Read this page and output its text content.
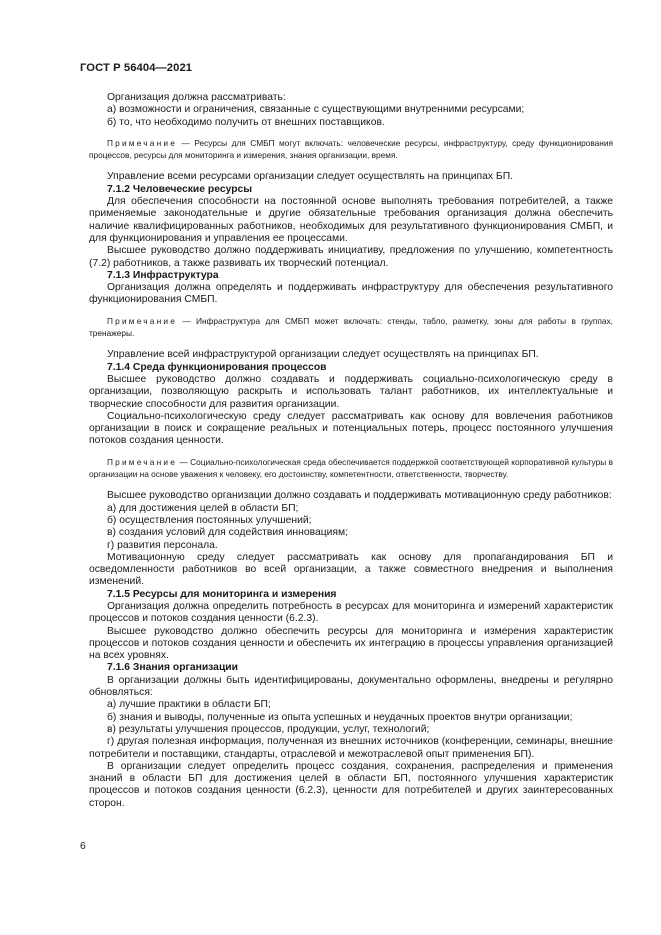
ГОСТ Р 56404—2021

Организация должна рассматривать:

а) возможности и ограничения, связанные с существующими внутренними ресурсами;

б) то, что необходимо получить от внешних поставщиков.

Примечание — Ресурсы для СМБП могут включать: человеческие ресурсы, инфраструктуру, среду функционирования процессов, ресурсы для мониторинга и измерения, знания организации, время.

Управление всеми ресурсами организации следует осуществлять на принципах БП.

7.1.2 Человеческие ресурсы

Для обеспечения способности на постоянной основе выполнять требования потребителей, а также применяемые законодательные и другие обязательные требования организация должна обеспечить наличие квалифицированных работников, необходимых для результативного функционирования СМБП, и для функционирования и управления ее процессами.

Высшее руководство должно поддерживать инициативу, предложения по улучшению, компетентность (7.2) работников, а также развивать их творческий потенциал.

7.1.3 Инфраструктура

Организация должна определять и поддерживать инфраструктуру для обеспечения результативного функционирования СМБП.

Примечание — Инфраструктура для СМБП может включать: стенды, табло, разметку, зоны для работы в группах, тренажеры.

Управление всей инфраструктурой организации следует осуществлять на принципах БП.

7.1.4 Среда функционирования процессов

Высшее руководство должно создавать и поддерживать социально-психологическую среду в организации, позволяющую раскрыть и использовать талант работников, их интеллектуальные и творческие способности для развития организации.

Социально-психологическую среду следует рассматривать как основу для вовлечения работников организации в поиск и сокращение реальных и потенциальных потерь, процесс постоянного улучшения потоков создания ценности.

Примечание — Социально-психологическая среда обеспечивается поддержкой соответствующей корпоративной культуры в организации на основе уважения к человеку, его достоинству, компетентности, ответственности, творчеству.

Высшее руководство организации должно создавать и поддерживать мотивационную среду работников:

а) для достижения целей в области БП;

б) осуществления постоянных улучшений;

в) создания условий для содействия инновациям;

г) развития персонала.

Мотивационную среду следует рассматривать как основу для пропагандирования БП и осведомленности работников во всей организации, а также совместного внедрения и выполнения изменений.

7.1.5 Ресурсы для мониторинга и измерения

Организация должна определить потребность в ресурсах для мониторинга и измерений характеристик процессов и потоков создания ценности (6.2.3).

Высшее руководство должно обеспечить ресурсы для мониторинга и измерения характеристик процессов и потоков создания ценности и обеспечить их интеграцию в процессы управления организацией на всех уровнях.

7.1.6 Знания организации

В организации должны быть идентифицированы, документально оформлены, внедрены и регулярно обновляться:

а) лучшие практики в области БП;

б) знания и выводы, полученные из опыта успешных и неудачных проектов внутри организации;

в) результаты улучшения процессов, продукции, услуг, технологий;

г) другая полезная информация, полученная из внешних источников (конференции, семинары, внешние потребители и поставщики, стандарты, отраслевой и межотраслевой опыт применения БП).

В организации следует определить процесс создания, сохранения, распределения и применения знаний в области БП для достижения целей в области БП, постоянного улучшения характеристик процессов и потоков создания ценности (6.2.3), ценности для потребителей и других заинтересованных сторон.

6
